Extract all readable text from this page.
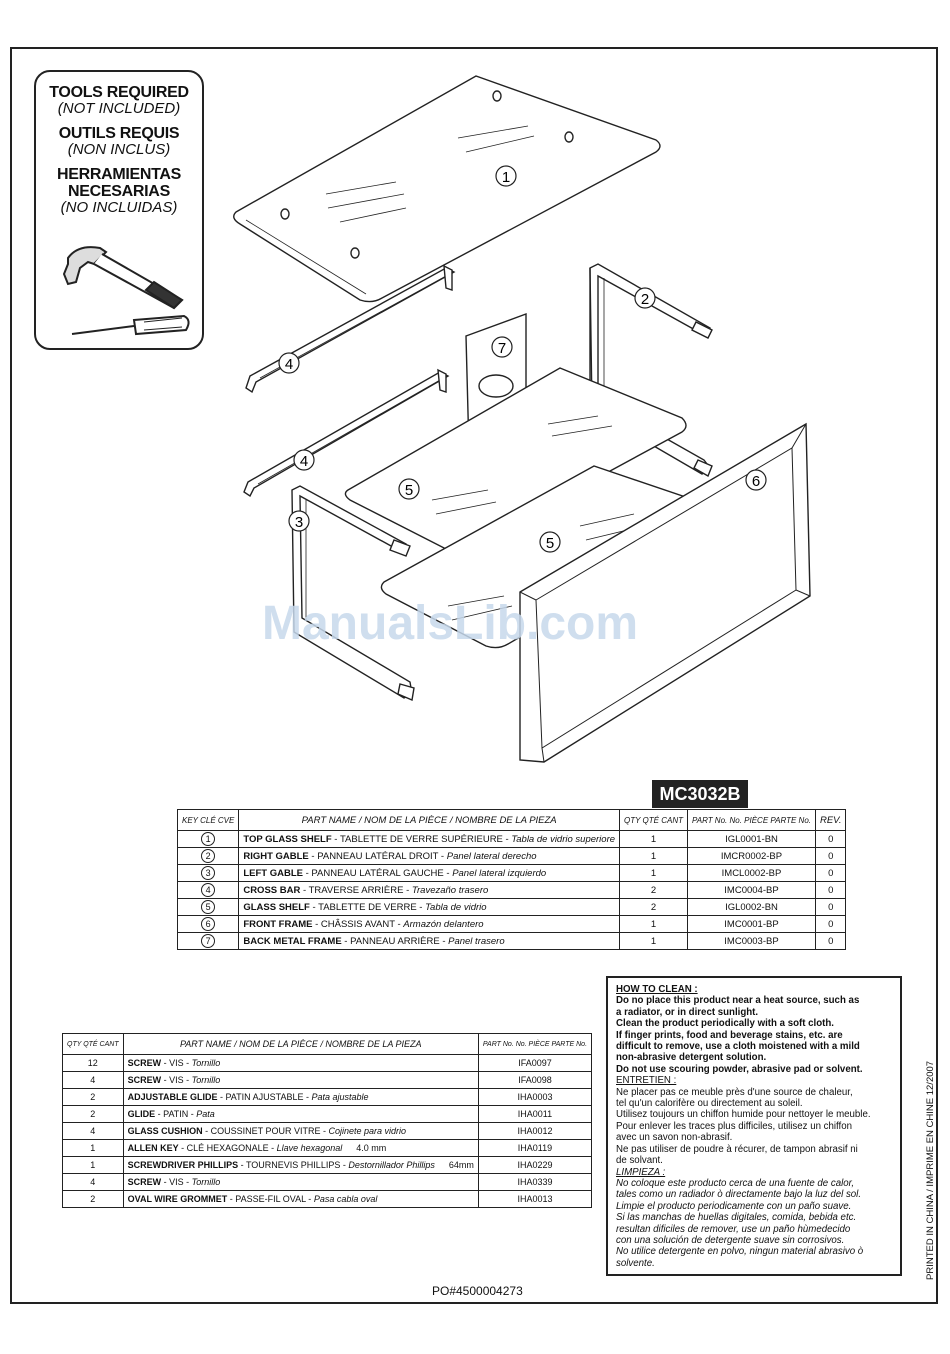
TOOLS REQUIRED
(NOT INCLUDED)
OUTILS REQUIS
(NON INCLUS)
HERRAMIENTAS
NECESARIAS
(NO INCLUIDAS)
1
2
3
4
4
5
5
6
7
ManualsLib.com
MC3032B
KEY CLÉ CVE	PART NAME / NOM DE LA PIÈCE / NOMBRE DE LA PIEZA	QTY QTÉ CANT	PART No. No. PIÈCE PARTE No.	REV.
1	TOP GLASS SHELF - TABLETTE DE VERRE SUPÉRIEURE - Tabla de vidrio superiore	1	IGL0001-BN	0
2	RIGHT GABLE - PANNEAU LATÉRAL DROIT - Panel lateral derecho	1	IMCR0002-BP	0
3	LEFT GABLE - PANNEAU LATÉRAL GAUCHE - Panel lateral izquierdo	1	IMCL0002-BP	0
4	CROSS BAR - TRAVERSE ARRIÈRE - Travezaño trasero	2	IMC0004-BP	0
5	GLASS SHELF - TABLETTE DE VERRE - Tabla de vidrio	2	IGL0002-BN	0
6	FRONT FRAME - CHÂSSIS AVANT - Armazón delantero	1	IMC0001-BP	0
7	BACK METAL FRAME - PANNEAU ARRIÈRE - Panel trasero	1	IMC0003-BP	0
QTY QTÉ CANT	PART NAME / NOM DE LA PIÈCE / NOMBRE DE LA PIEZA	PART No. No. PIÈCE PARTE No.
12	SCREW - VIS - Tornillo	IFA0097
4	SCREW - VIS - Tornillo	IFA0098
2	ADJUSTABLE GLIDE - PATIN AJUSTABLE - Pata ajustable	IHA0003
2	GLIDE - PATIN - Pata	IHA0011
4	GLASS CUSHION - COUSSINET POUR VITRE - Cojinete para vidrio	IHA0012
1	ALLEN KEY - CLÉ HEXAGONALE - Llave hexagonal 4.0 mm	IHA0119
1	SCREWDRIVER PHILLIPS - TOURNEVIS PHILLIPS - Destornillador Phillips 64mm	IHA0229
4	SCREW - VIS - Tornillo	IHA0339
2	OVAL WIRE GROMMET - PASSE-FIL OVAL - Pasa cabla oval	IHA0013
HOW TO CLEAN :
Do no place this product near a heat source, such as
a radiator, or in direct sunlight.
Clean the product periodically with a soft cloth.
If finger prints, food and beverage stains, etc. are
difficult to remove, use a cloth moistened with a mild
non-abrasive detergent solution.
Do not use scouring powder, abrasive pad or solvent.
ENTRETIEN :
Ne placer pas ce meuble près d'une source de chaleur,
tel qu'un calorifère ou directement au soleil.
Utilisez toujours un chiffon humide pour nettoyer le meuble.
Pour enlever les traces plus difficiles, utilisez un chiffon
avec un savon non-abrasif.
Ne pas utiliser de poudre à récurer, de tampon abrasif ni
de solvant.
LIMPIEZA :
No coloque este producto cerca de una fuente de calor,
tales como un radiador ò directamente bajo la luz del sol.
Limpie el producto periodicamente con un paño suave.
Si las manchas de huellas digitales, comida, bebida etc.
resultan dificiles de remover, use un paño hùmedecido
con una solución de detergente suave sin corrosivos.
No utilice detergente en polvo, ningun material abrasivo ò
solvente.	PRINTED IN CHINA / IMPRIME EN CHINE 12/2007
PO#4500004273
